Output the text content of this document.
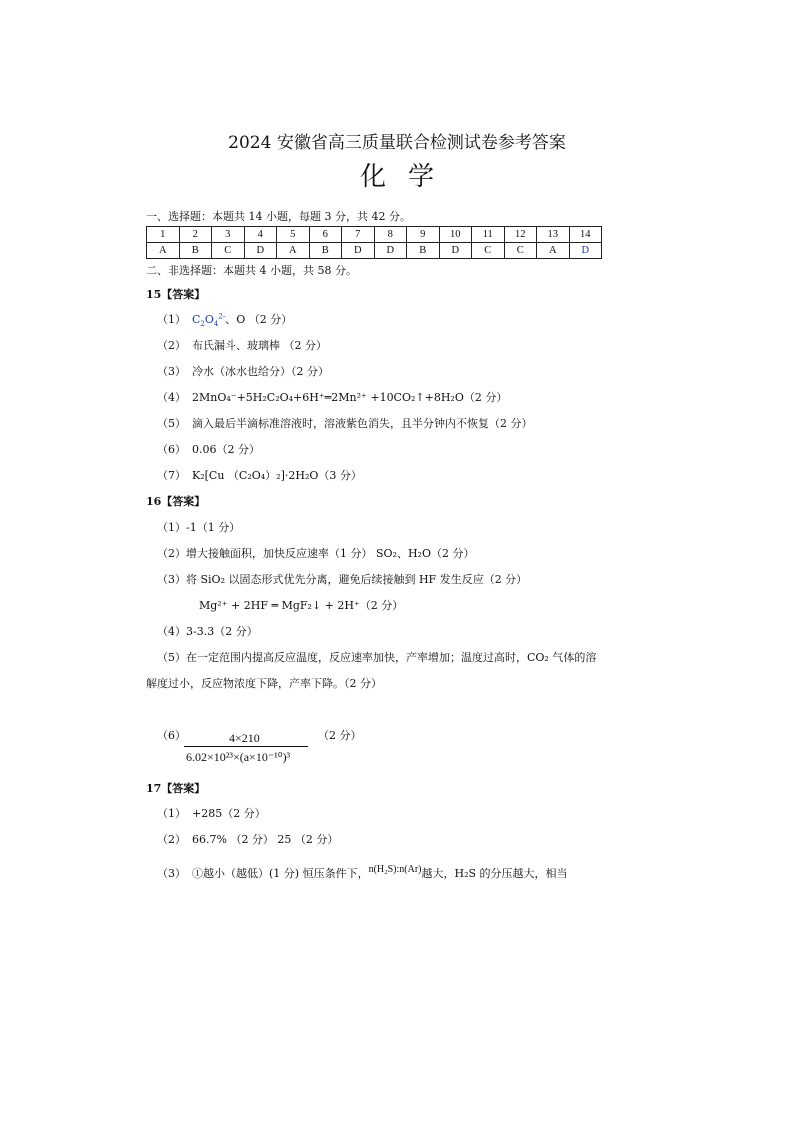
2024 安徽省高三质量联合检测试卷参考答案
化学
一、选择题：本题共 14 小题，每题 3 分，共 42 分。
1	2	3	4	5	6	7	8	9	10	11	12	13	14
A	B	C	D	A	B	D	D	B	D	C	C	A	D
二、非选择题：本题共 4 小题，共 58 分。
15【答案】
（1） $C_2O_4^{2-}$、O （2 分）
（2） 布氏漏斗、玻璃棒 （2 分）
（3） 冷水（冰水也给分）（2 分）
（4） 2MnO₄⁻+5H₂C₂O₄+6H⁺═2Mn²⁺ +10CO₂↑+8H₂O（2 分）
（5） 滴入最后半滴标准溶液时，溶液紫色消失，且半分钟内不恢复（2 分）
（6） 0.06（2 分）
（7） K₂[Cu （C₂O₄）₂]·2H₂O（3 分）
16【答案】
（1）-1（1 分）
（2）增大接触面积，加快反应速率（1 分） SO₂、H₂O（2 分）
（3）将 SiO₂ 以固态形式优先分离，避免后续接触到 HF 发生反应（2 分）
Mg²⁺ + 2HF ═ MgF₂↓ + 2H⁺（2 分）
（4）3-3.3（2 分）
（5）在一定范围内提高反应温度，反应速率加快，产率增加；温度过高时，CO₂ 气体的溶
解度过小，反应物浓度下降，产率下降。（2 分）
（6）	4×210
6.02×10²³×(a×10⁻¹⁰)³
（2 分）
17【答案】
（1） +285（2 分）
（2） 66.7% （2 分） 25 （2 分）
（3） ①越小（越低）(1 分) 恒压条件下，n(H₂S):n(Ar)越大，H₂S 的分压越大，相当
